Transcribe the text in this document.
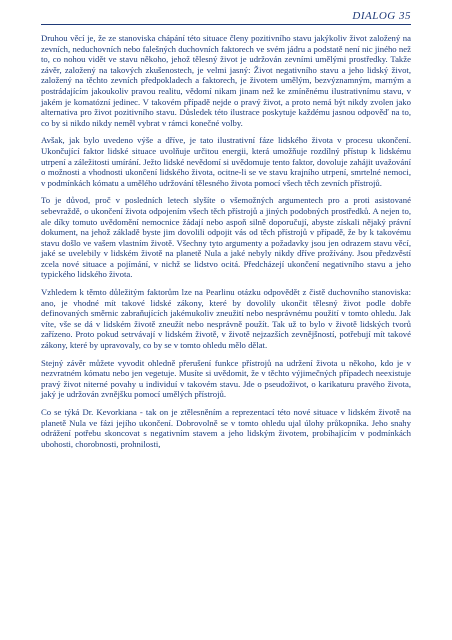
DIALOG 35

Druhou věcí je, že ze stanoviska chápání této situace členy pozitivního stavu jakýkoliv život založený na zevních, neduchovních nebo falešných duchovních faktorech ve svém jádru a podstatě není nic jiného než to, co nohou vidět ve stavu někoho, jehož tělesný život je udržován zevními umělými prostředky. Takže závěr, založený na takových zkušenostech, je velmi jasný: Život negativního stavu a jeho lidský život, založený na těchto zevních předpokladech a faktorech, je životem umělým, bezvýznamným, marným a postrádajícím jakoukoliv pravou realitu, vědomí nikam jinam než ke zmíněnému ilustrativnímu stavu, v jakém je komatózní jedinec. V takovém případě nejde o pravý život, a proto nemá být nikdy zvolen jako alternativa pro život pozitivního stavu. Důsledek této ilustrace poskytuje každému jasnou odpověď na to, co by si nikdo nikdy neměl vybrat v rámci konečné volby.

Avšak, jak bylo uvedeno výše a dříve, je tato ilustrativní fáze lidského života v procesu ukončení. Ukončující faktor lidské situace uvolňuje určitou energii, která umožňuje rozdílný přístup k lidskému utrpení a záležitosti umírání. Ježto lidské nevědomí si uvědomuje tento faktor, dovoluje zahájit uvažování o možnosti a vhodnosti ukončení lidského života, ocitne-li se ve stavu krajního utrpení, smrtelné nemoci, v podmínkách kómatu a umělého udržování tělesného života pomocí všech těch zevních přístrojů.

To je důvod, proč v posledních letech slyšíte o všemožných argumentech pro a proti asistované sebevraždě, o ukončení života odpojením všech těch přístrojů a jiných podobných prostředků. A nejen to, ale díky tomuto uvědomění nemocnice žádají nebo aspoň silně doporučují, abyste získali nějaký právní dokument, na jehož základě byste jim dovolili odpojit vás od těch přístrojů v případě, že by k takovému stavu došlo ve vašem vlastním životě. Všechny tyto argumenty a požadavky jsou jen odrazem stavu věcí, jaké se uvelebily v lidském životě na planetě Nula a jaké nebyly nikdy dříve prožívány. Jsou předzvěstí zcela nové situace a pojímání, v nichž se lidstvo ocitá. Předcházejí ukončení negativního stavu a jeho typického lidského života.

Vzhledem k těmto důležitým faktorům lze na Pearlinu otázku odpovědět z čistě duchovního stanoviska: ano, je vhodné mít takové lidské zákony, které by dovolily ukončit tělesný život podle dobře definovaných směrnic zabraňujících jakémukoliv zneužití nebo nesprávnému použití v tomto ohledu. Jak víte, vše se dá v lidském životě zneužít nebo nesprávně použít. Tak už to bylo v životě lidských tvorů zařízeno. Proto pokud setrvávají v lidském životě, v životě nejzazších zevnějšností, potřebují mít takové zákony, které by upravovaly, co by se v tomto ohledu mělo dělat.

Stejný závěr můžete vyvodit ohledně přerušení funkce přístrojů na udržení života u někoho, kdo je v nezvratném kómatu nebo jen vegetuje. Musíte si uvědomit, že v těchto výjimečných případech neexistuje pravý život niterné povahy u individuí v takovém stavu. Jde o pseudoživot, o karikaturu pravého života, jaký je udržován zvnějšku pomocí umělých přístrojů.

Co se týká Dr. Kevorkiana - tak on je ztělesněním a reprezentací této nové situace v lidském životě na planetě Nula ve fázi jejího ukončení. Dobrovolně se v tomto ohledu ujal úlohy průkopníka. Jeho snahy odrážení potřebu skoncovat s negativním stavem a jeho lidským životem, probíhajícím v podmínkách ubohosti, chorobnosti, prohnilosti,
